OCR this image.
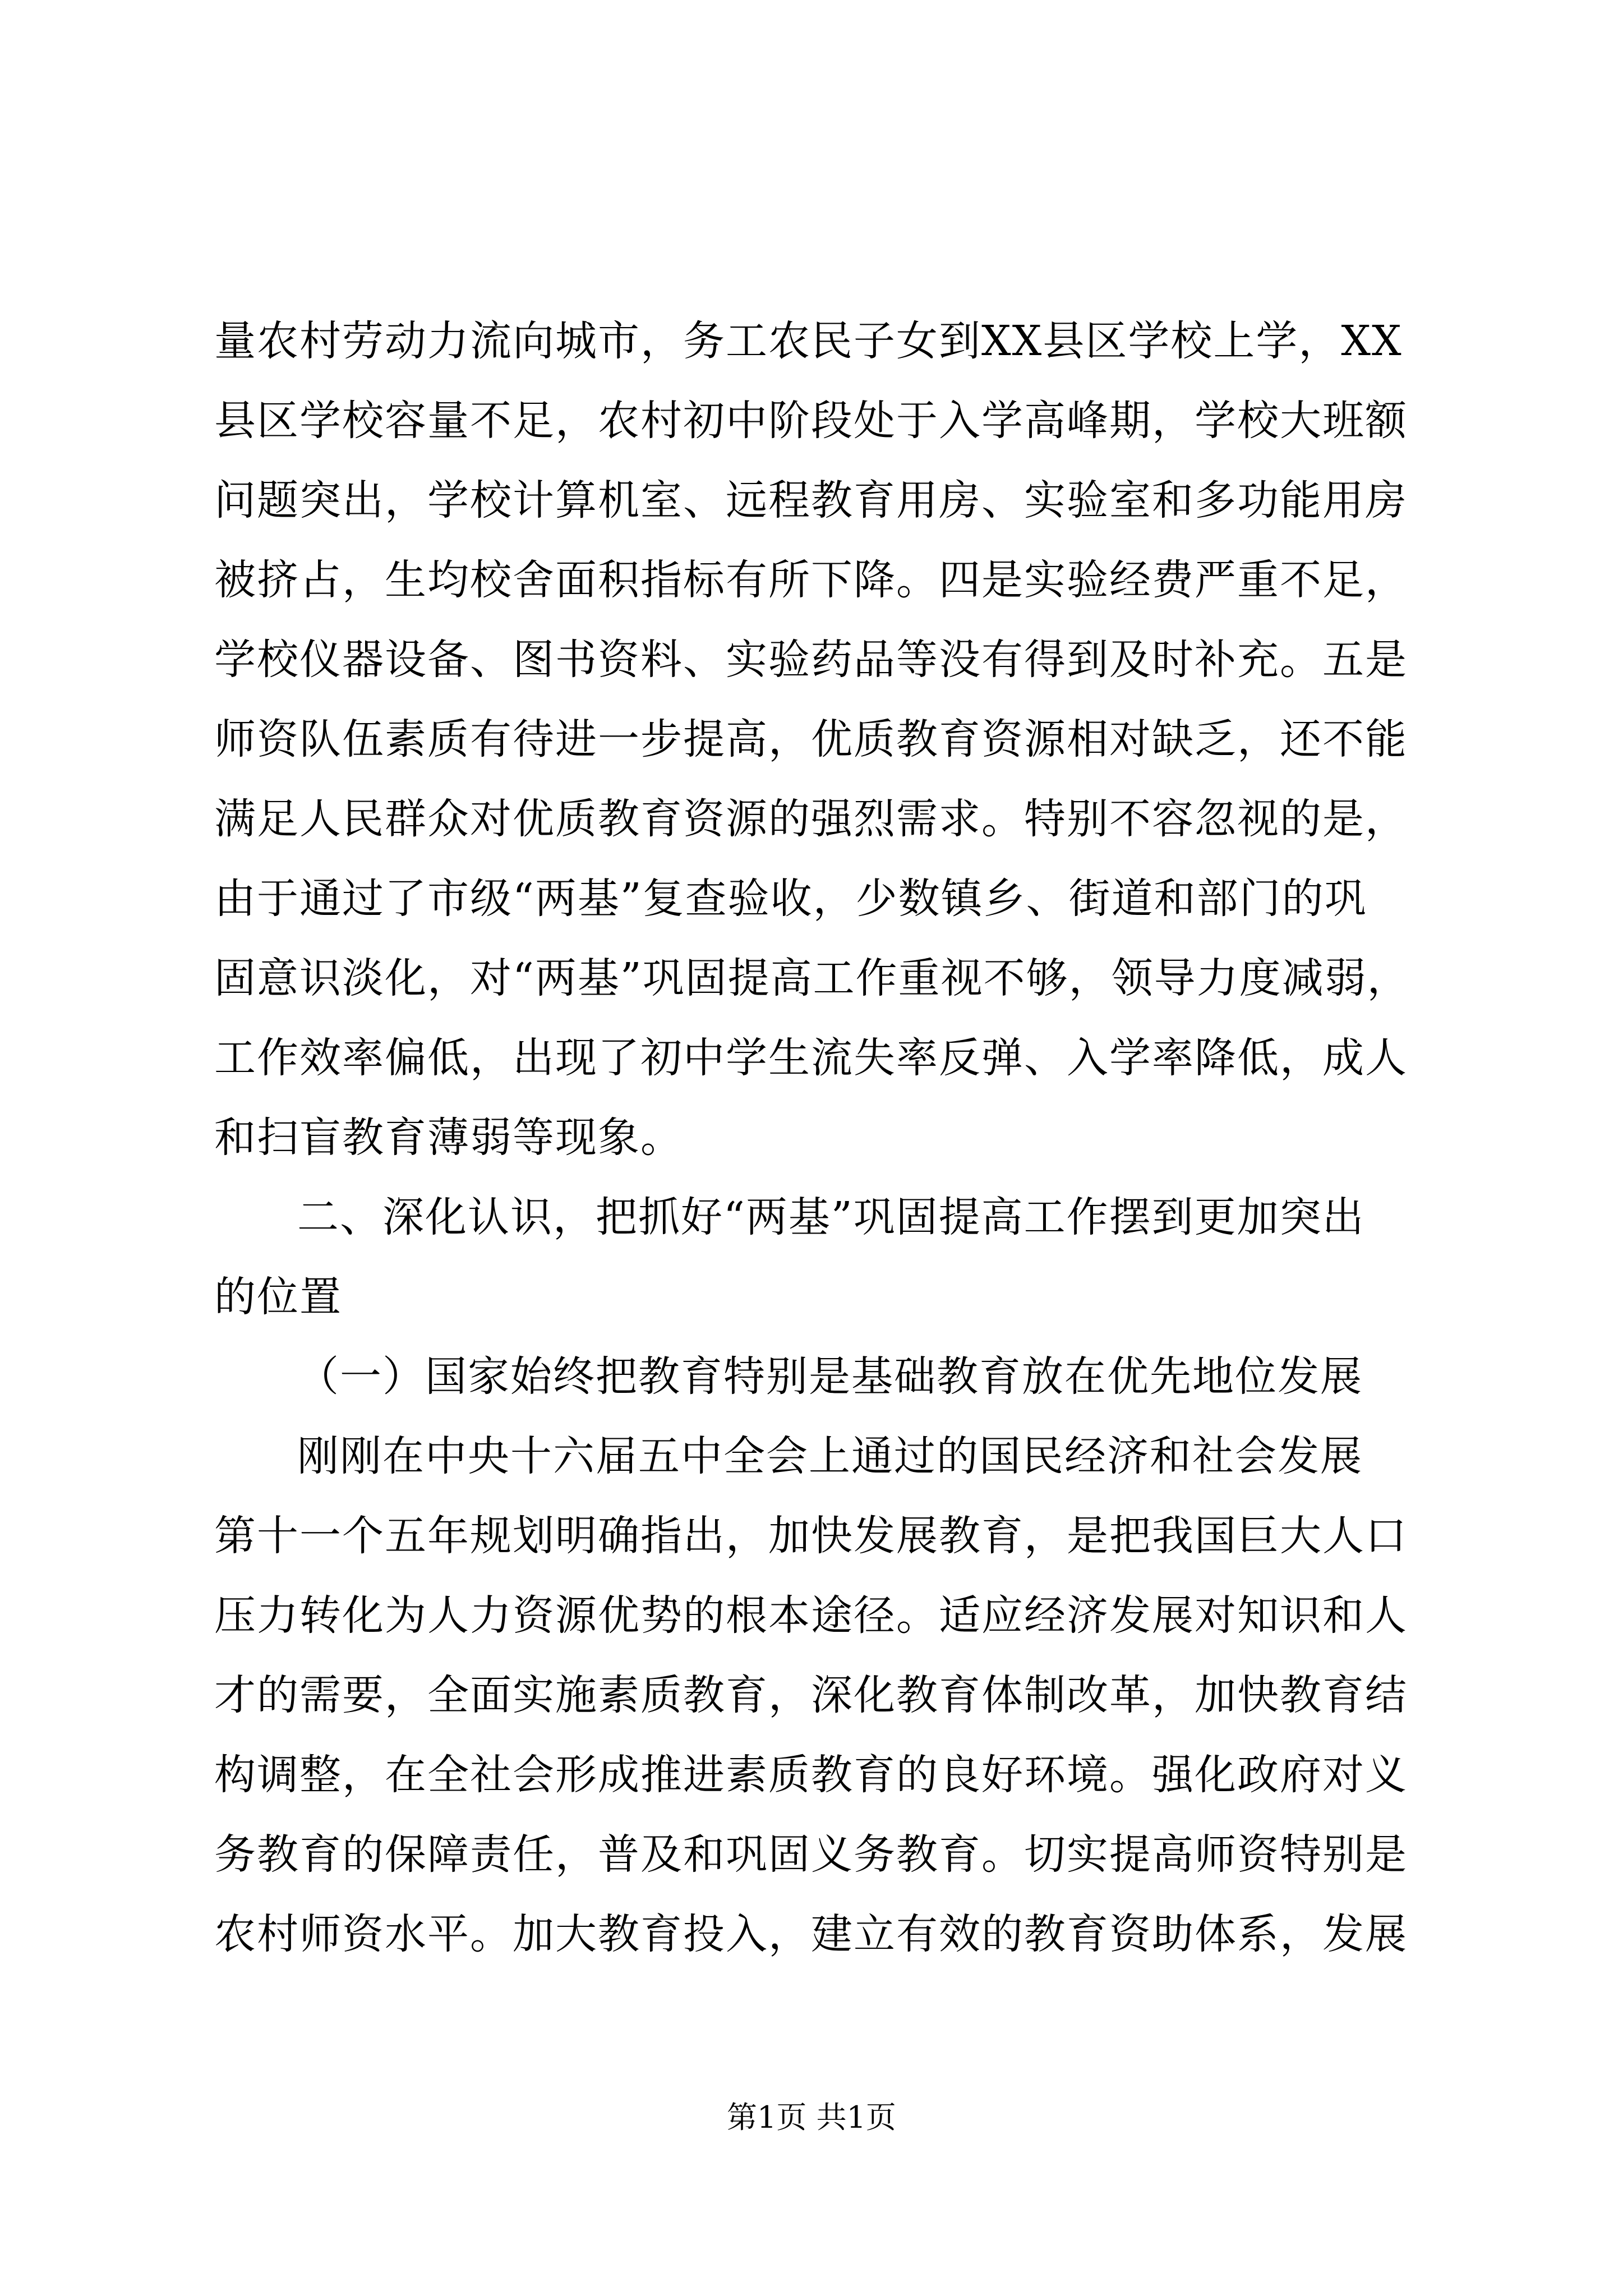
量农村劳动力流向城市，务工农民子女到XX县区学校上学，XX
县区学校容量不足，农村初中阶段处于入学高峰期，学校大班额
问题突出，学校计算机室、远程教育用房、实验室和多功能用房
被挤占，生均校舍面积指标有所下降。四是实验经费严重不足，
学校仪器设备、图书资料、实验药品等没有得到及时补充。五是
师资队伍素质有待进一步提高，优质教育资源相对缺乏，还不能
满足人民群众对优质教育资源的强烈需求。特别不容忽视的是，
由于通过了市级“两基”复查验收，少数镇乡、街道和部门的巩
固意识淡化，对“两基”巩固提高工作重视不够，领导力度减弱，
工作效率偏低，出现了初中学生流失率反弹、入学率降低，成人
和扫盲教育薄弱等现象。
二、深化认识，把抓好“两基”巩固提高工作摆到更加突出
的位置
（一）国家始终把教育特别是基础教育放在优先地位发展
刚刚在中央十六届五中全会上通过的国民经济和社会发展
第十一个五年规划明确指出，加快发展教育，是把我国巨大人口
压力转化为人力资源优势的根本途径。适应经济发展对知识和人
才的需要，全面实施素质教育，深化教育体制改革，加快教育结
构调整，在全社会形成推进素质教育的良好环境。强化政府对义
务教育的保障责任，普及和巩固义务教育。切实提高师资特别是
农村师资水平。加大教育投入，建立有效的教育资助体系，发展
第1页 共1页
